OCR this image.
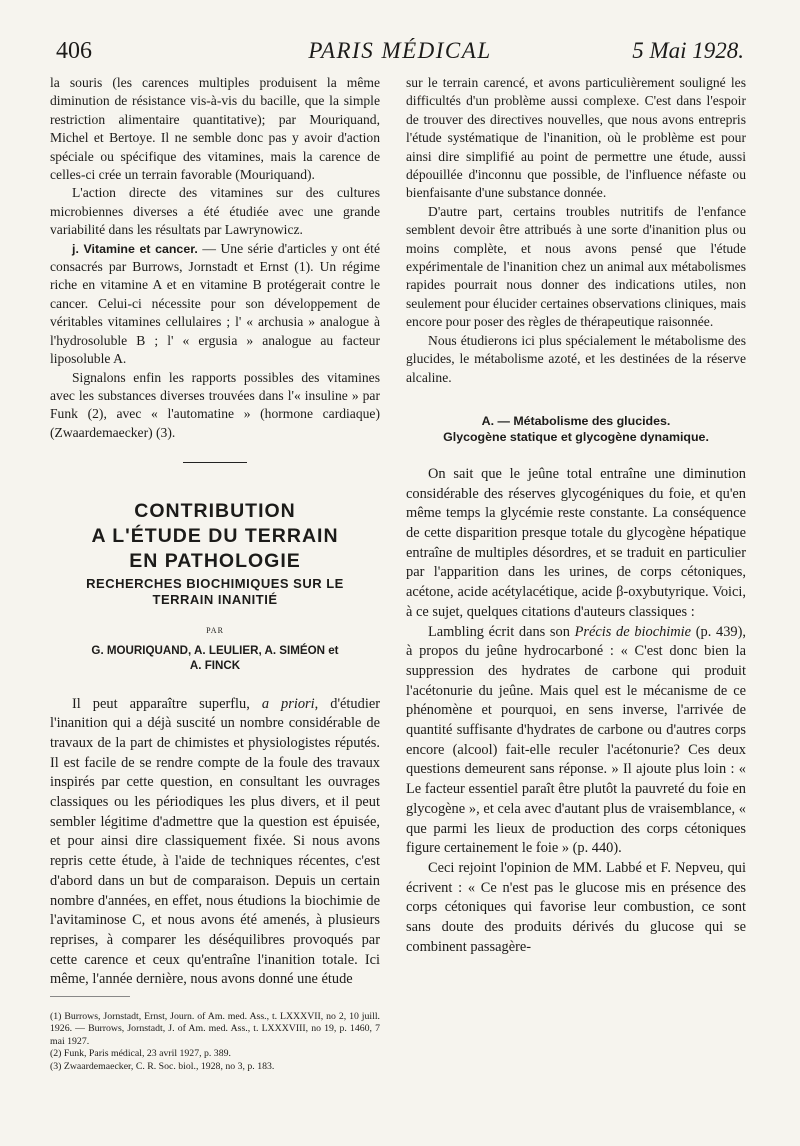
406	PARIS MÉDICAL	5 Mai 1928.

la souris (les carences multiples produisent la même diminution de résistance vis-à-vis du bacille, que la simple restriction alimentaire quantitative); par Mouriquand, Michel et Bertoye. Il ne semble donc pas y avoir d'action spéciale ou spécifique des vitamines, mais la carence de celles-ci crée un terrain favorable (Mouriquand).

L'action directe des vitamines sur des cultures microbiennes diverses a été étudiée avec une grande variabilité dans les résultats par Lawrynowicz.

j. Vitamine et cancer. — Une série d'articles y ont été consacrés par Burrows, Jornstadt et Ernst (1). Un régime riche en vitamine A et en vitamine B protégerait contre le cancer. Celui-ci nécessite pour son développement de véritables vitamines cellulaires ; l' « archusia » analogue à l'hydrosoluble B ; l' « ergusia » analogue au facteur liposoluble A.

Signalons enfin les rapports possibles des vitamines avec les substances diverses trouvées dans l'« insuline » par Funk (2), avec « l'automatine » (hormone cardiaque) (Zwaardemaecker) (3).

CONTRIBUTION
A L'ÉTUDE DU TERRAIN
EN PATHOLOGIE
RECHERCHES BIOCHIMIQUES SUR LE
TERRAIN INANITIÉ
PAR
G. MOURIQUAND, A. LEULIER, A. SIMÉON et
A. FINCK

Il peut apparaître superflu, a priori, d'étudier l'inanition qui a déjà suscité un nombre considérable de travaux de la part de chimistes et physiologistes réputés. Il est facile de se rendre compte de la foule des travaux inspirés par cette question, en consultant les ouvrages classiques ou les périodiques les plus divers, et il peut sembler légitime d'admettre que la question est épuisée, et pour ainsi dire classiquement fixée. Si nous avons repris cette étude, à l'aide de techniques récentes, c'est d'abord dans un but de comparaison. Depuis un certain nombre d'années, en effet, nous étudions la biochimie de l'avitaminose C, et nous avons été amenés, à plusieurs reprises, à comparer les déséquilibres provoqués par cette carence et ceux qu'entraîne l'inanition totale. Ici même, l'année dernière, nous avons donné une étude

(1) Burrows, Jornstadt, Ernst, Journ. of Am. med. Ass., t. LXXXVII, no 2, 10 juill. 1926. — Burrows, Jornstadt, J. of Am. med. Ass., t. LXXXVIII, no 19, p. 1460, 7 mai 1927.

(2) Funk, Paris médical, 23 avril 1927, p. 389.

(3) Zwaardemaecker, C. R. Soc. biol., 1928, no 3, p. 183.

sur le terrain carencé, et avons particulièrement souligné les difficultés d'un problème aussi complexe. C'est dans l'espoir de trouver des directives nouvelles, que nous avons entrepris l'étude systématique de l'inanition, où le problème est pour ainsi dire simplifié au point de permettre une étude, aussi dépouillée d'inconnu que possible, de l'influence néfaste ou bienfaisante d'une substance donnée.

D'autre part, certains troubles nutritifs de l'enfance semblent devoir être attribués à une sorte d'inanition plus ou moins complète, et nous avons pensé que l'étude expérimentale de l'inanition chez un animal aux métabolismes rapides pourrait nous donner des indications utiles, non seulement pour élucider certaines observations cliniques, mais encore pour poser des règles de thérapeutique raisonnée.

Nous étudierons ici plus spécialement le métabolisme des glucides, le métabolisme azoté, et les destinées de la réserve alcaline.

A. — Métabolisme des glucides.
Glycogène statique et glycogène dynamique.

On sait que le jeûne total entraîne une diminution considérable des réserves glycogéniques du foie, et qu'en même temps la glycémie reste constante. La conséquence de cette disparition presque totale du glycogène hépatique entraîne de multiples désordres, et se traduit en particulier par l'apparition dans les urines, de corps cétoniques, acétone, acide acétylacétique, acide β-oxybutyrique. Voici, à ce sujet, quelques citations d'auteurs classiques :

Lambling écrit dans son Précis de biochimie (p. 439), à propos du jeûne hydrocarboné : « C'est donc bien la suppression des hydrates de carbone qui produit l'acétonurie du jeûne. Mais quel est le mécanisme de ce phénomène et pourquoi, en sens inverse, l'arrivée de quantité suffisante d'hydrates de carbone ou d'autres corps encore (alcool) fait-elle reculer l'acétonurie? Ces deux questions demeurent sans réponse. » Il ajoute plus loin : « Le facteur essentiel paraît être plutôt la pauvreté du foie en glycogène », et cela avec d'autant plus de vraisemblance, « que parmi les lieux de production des corps cétoniques figure certainement le foie » (p. 440).

Ceci rejoint l'opinion de MM. Labbé et F. Nepveu, qui écrivent : « Ce n'est pas le glucose mis en présence des corps cétoniques qui favorise leur combustion, ce sont sans doute des produits dérivés du glucose qui se combinent passagère-
